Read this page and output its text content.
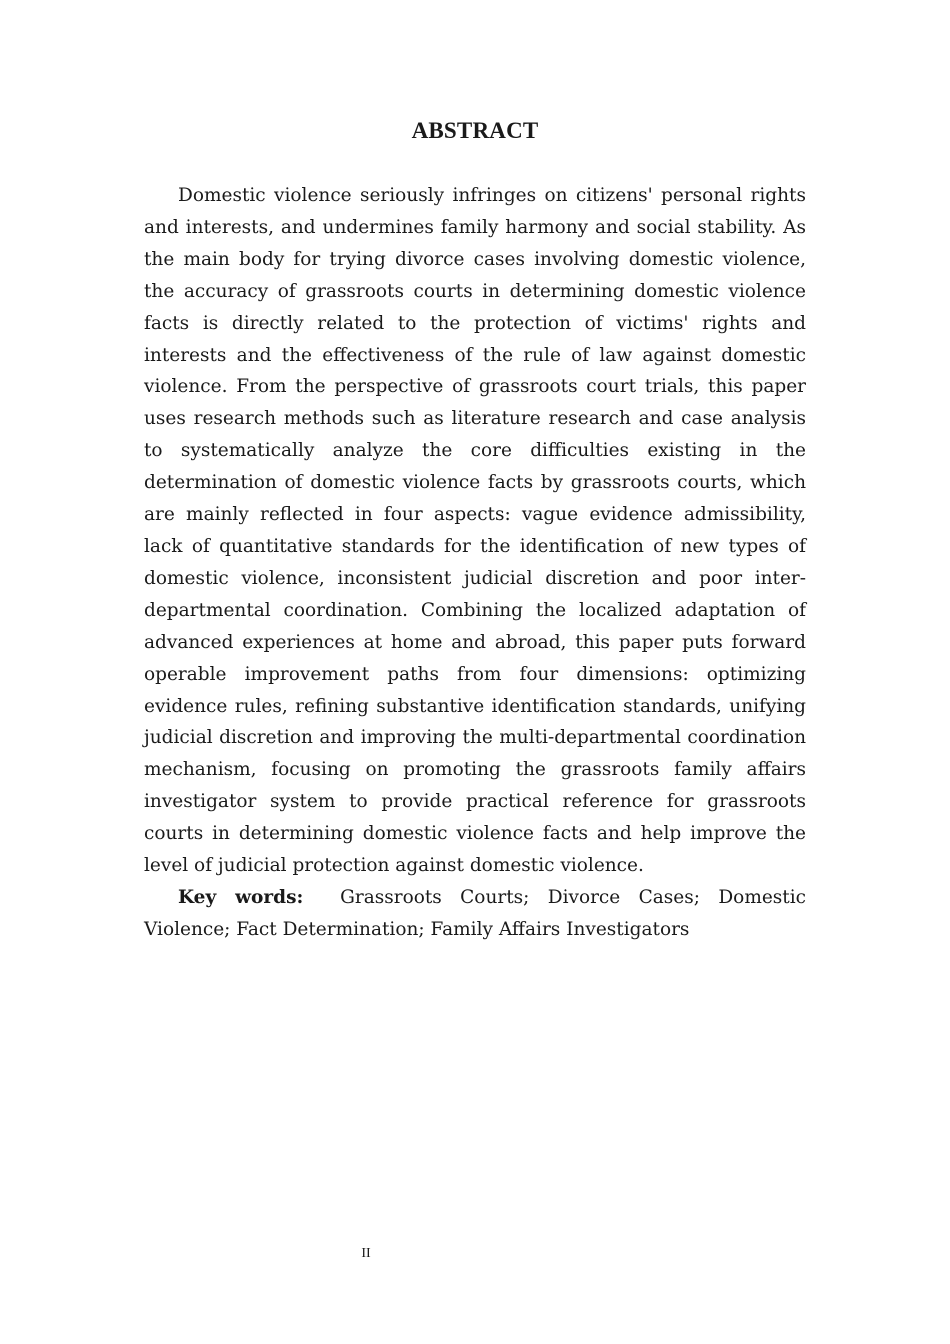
ABSTRACT

Domestic violence seriously infringes on citizens' personal rights and interests, and undermines family harmony and social stability. As the main body for trying divorce cases involving domestic violence, the accuracy of grassroots courts in determining domestic violence facts is directly related to the protection of victims' rights and interests and the effectiveness of the rule of law against domestic violence. From the perspective of grassroots court trials, this paper uses research methods such as literature research and case analysis to systematically analyze the core difficulties existing in the determination of domestic violence facts by grassroots courts, which are mainly reflected in four aspects: vague evidence admissibility, lack of quantitative standards for the identification of new types of domestic violence, inconsistent judicial discretion and poor inter-departmental coordination. Combining the localized adaptation of advanced experiences at home and abroad, this paper puts forward operable improvement paths from four dimensions: optimizing evidence rules, refining substantive identification standards, unifying judicial discretion and improving the multi-departmental coordination mechanism, focusing on promoting the grassroots family affairs investigator system to provide practical reference for grassroots courts in determining domestic violence facts and help improve the level of judicial protection against domestic violence.

Key words: Grassroots Courts; Divorce Cases; Domestic Violence; Fact Determination; Family Affairs Investigators

II
